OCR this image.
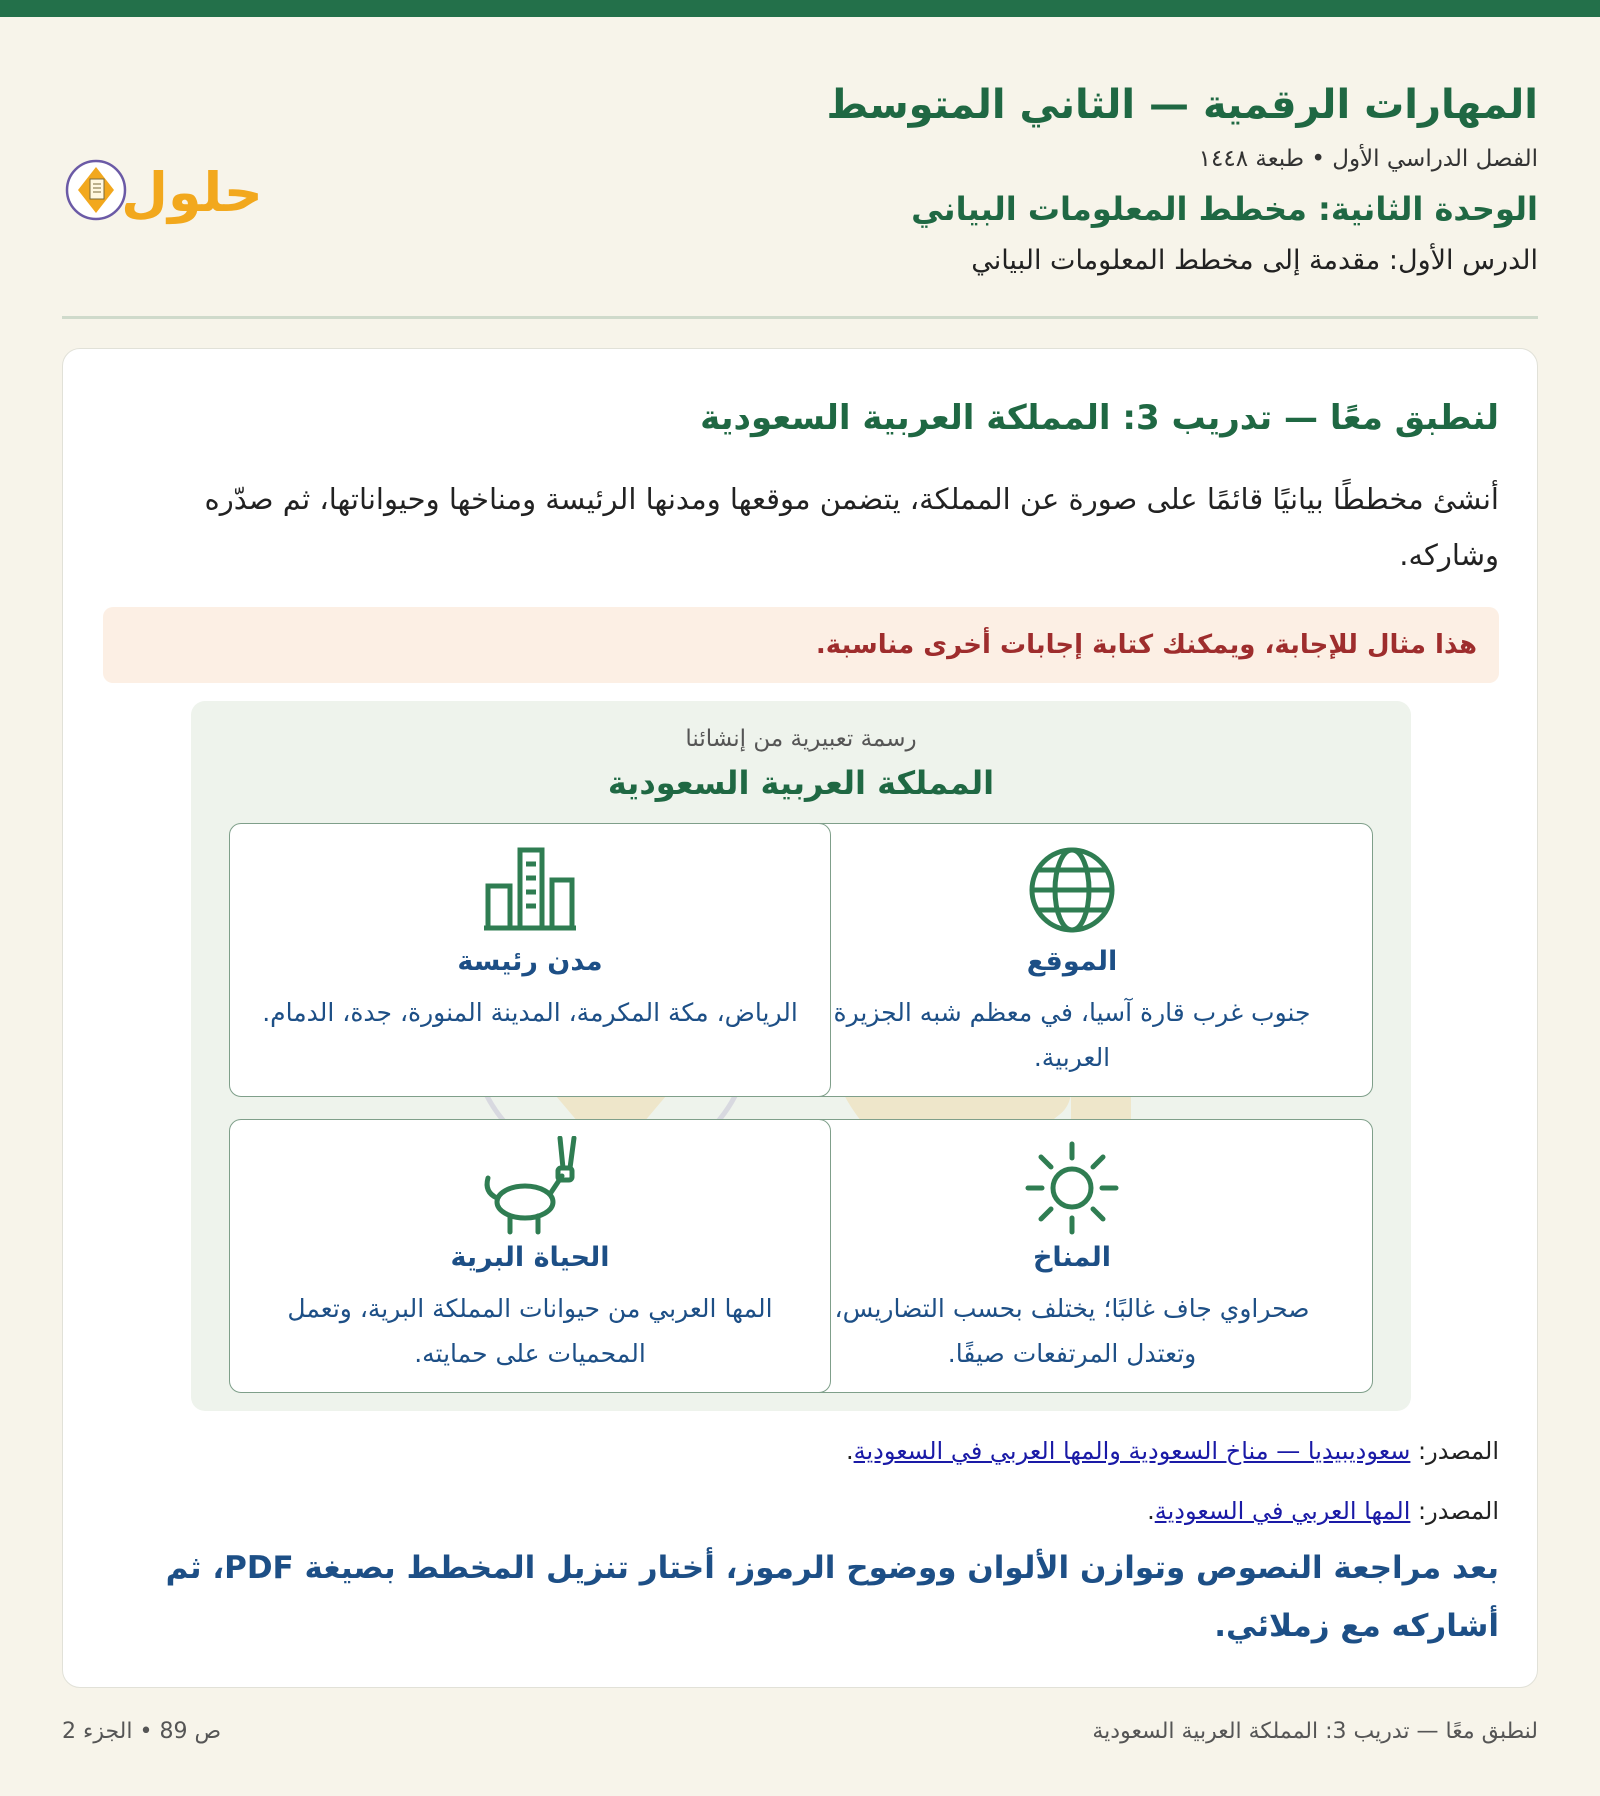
المهارات الرقمية — الثاني المتوسط
الفصل الدراسي الأول • طبعة ١٤٤٨
الوحدة الثانية: مخطط المعلومات البياني
الدرس الأول: مقدمة إلى مخطط المعلومات البياني
حلول
لنطبق معًا — تدريب 3: المملكة العربية السعودية
أنشئ مخططًا بيانيًا قائمًا على صورة عن المملكة، يتضمن موقعها ومدنها الرئيسة ومناخها وحيواناتها، ثم صدّره وشاركه.
هذا مثال للإجابة، ويمكنك كتابة إجابات أخرى مناسبة.
رسمة تعبيرية من إنشائنا
المملكة العربية السعودية
الموقع
جنوب غرب قارة آسيا، في معظم شبه الجزيرة العربية.
مدن رئيسة
الرياض، مكة المكرمة، المدينة المنورة، جدة، الدمام.
المناخ
صحراوي جاف غالبًا؛ يختلف بحسب التضاريس، وتعتدل المرتفعات صيفًا.
الحياة البرية
المها العربي من حيوانات المملكة البرية، وتعمل المحميات على حمايته.
المصدر: سعوديبيديا — مناخ السعودية والمها العربي في السعودية.
المصدر: المها العربي في السعودية.
بعد مراجعة النصوص وتوازن الألوان ووضوح الرموز، أختار تنزيل المخطط بصيغة PDF، ثم أشاركه مع زملائي.
ص 89 • الجزء 2	لنطبق معًا — تدريب 3: المملكة العربية السعودية
